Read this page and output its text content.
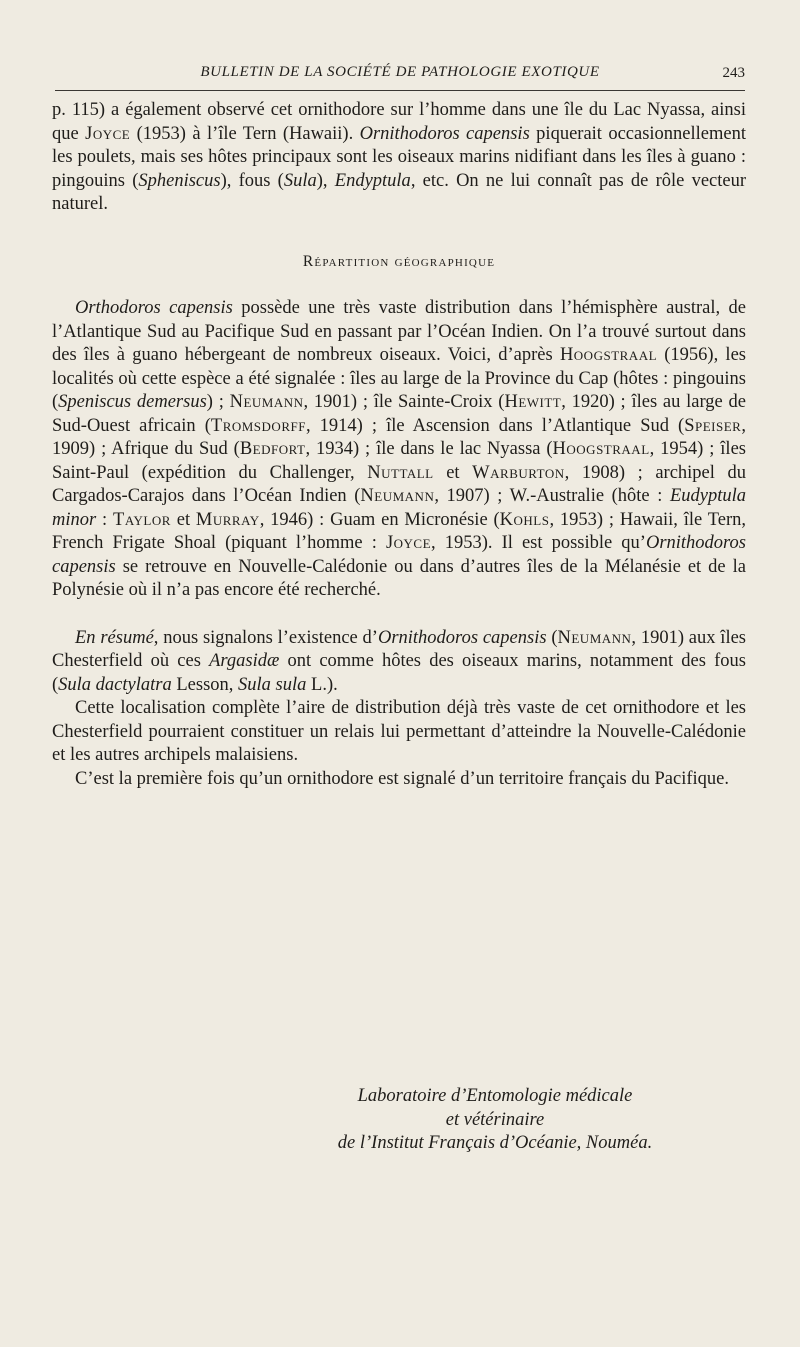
BULLETIN DE LA SOCIÉTÉ DE PATHOLOGIE EXOTIQUE	243

p. 115) a également observé cet ornithodore sur l’homme dans une île du Lac Nyassa, ainsi que Joyce (1953) à l’île Tern (Hawaii). Ornithodoros capensis piquerait occasionnellement les poulets, mais ses hôtes principaux sont les oiseaux marins nidifiant dans les îles à guano : pingouins (Spheniscus), fous (Sula), Endyptula, etc. On ne lui connaît pas de rôle vecteur naturel.

Répartition géographique

Orthodoros capensis possède une très vaste distribution dans l’hémisphère austral, de l’Atlantique Sud au Pacifique Sud en passant par l’Océan Indien. On l’a trouvé surtout dans des îles à guano hébergeant de nombreux oiseaux. Voici, d’après Hoogstraal (1956), les localités où cette espèce a été signalée : îles au large de la Province du Cap (hôtes : pingouins (Speniscus demersus) ; Neumann, 1901) ; île Sainte-Croix (Hewitt, 1920) ; îles au large de Sud-Ouest africain (Tromsdorff, 1914) ; île Ascension dans l’Atlantique Sud (Speiser, 1909) ; Afrique du Sud (Bedfort, 1934) ; île dans le lac Nyassa (Hoogstraal, 1954) ; îles Saint-Paul (expédition du Challenger, Nuttall et Warburton, 1908) ; archipel du Cargados-Carajos dans l’Océan Indien (Neumann, 1907) ; W.-Australie (hôte : Eudyptula minor : Taylor et Murray, 1946) : Guam en Micronésie (Kohls, 1953) ; Hawaii, île Tern, French Frigate Shoal (piquant l’homme : Joyce, 1953). Il est possible qu’Ornithodoros capensis se retrouve en Nouvelle-Calédonie ou dans d’autres îles de la Mélanésie et de la Polynésie où il n’a pas encore été recherché.

En résumé, nous signalons l’existence d’Ornithodoros capensis (Neumann, 1901) aux îles Chesterfield où ces Argasidæ ont comme hôtes des oiseaux marins, notamment des fous (Sula dactylatra Lesson, Sula sula L.).

Cette localisation complète l’aire de distribution déjà très vaste de cet ornithodore et les Chesterfield pourraient constituer un relais lui permettant d’atteindre la Nouvelle-Calédonie et les autres archipels malaisiens.

C’est la première fois qu’un ornithodore est signalé d’un territoire français du Pacifique.

Laboratoire d’Entomologie médicale
et vétérinaire
de l’Institut Français d’Océanie, Nouméa.
